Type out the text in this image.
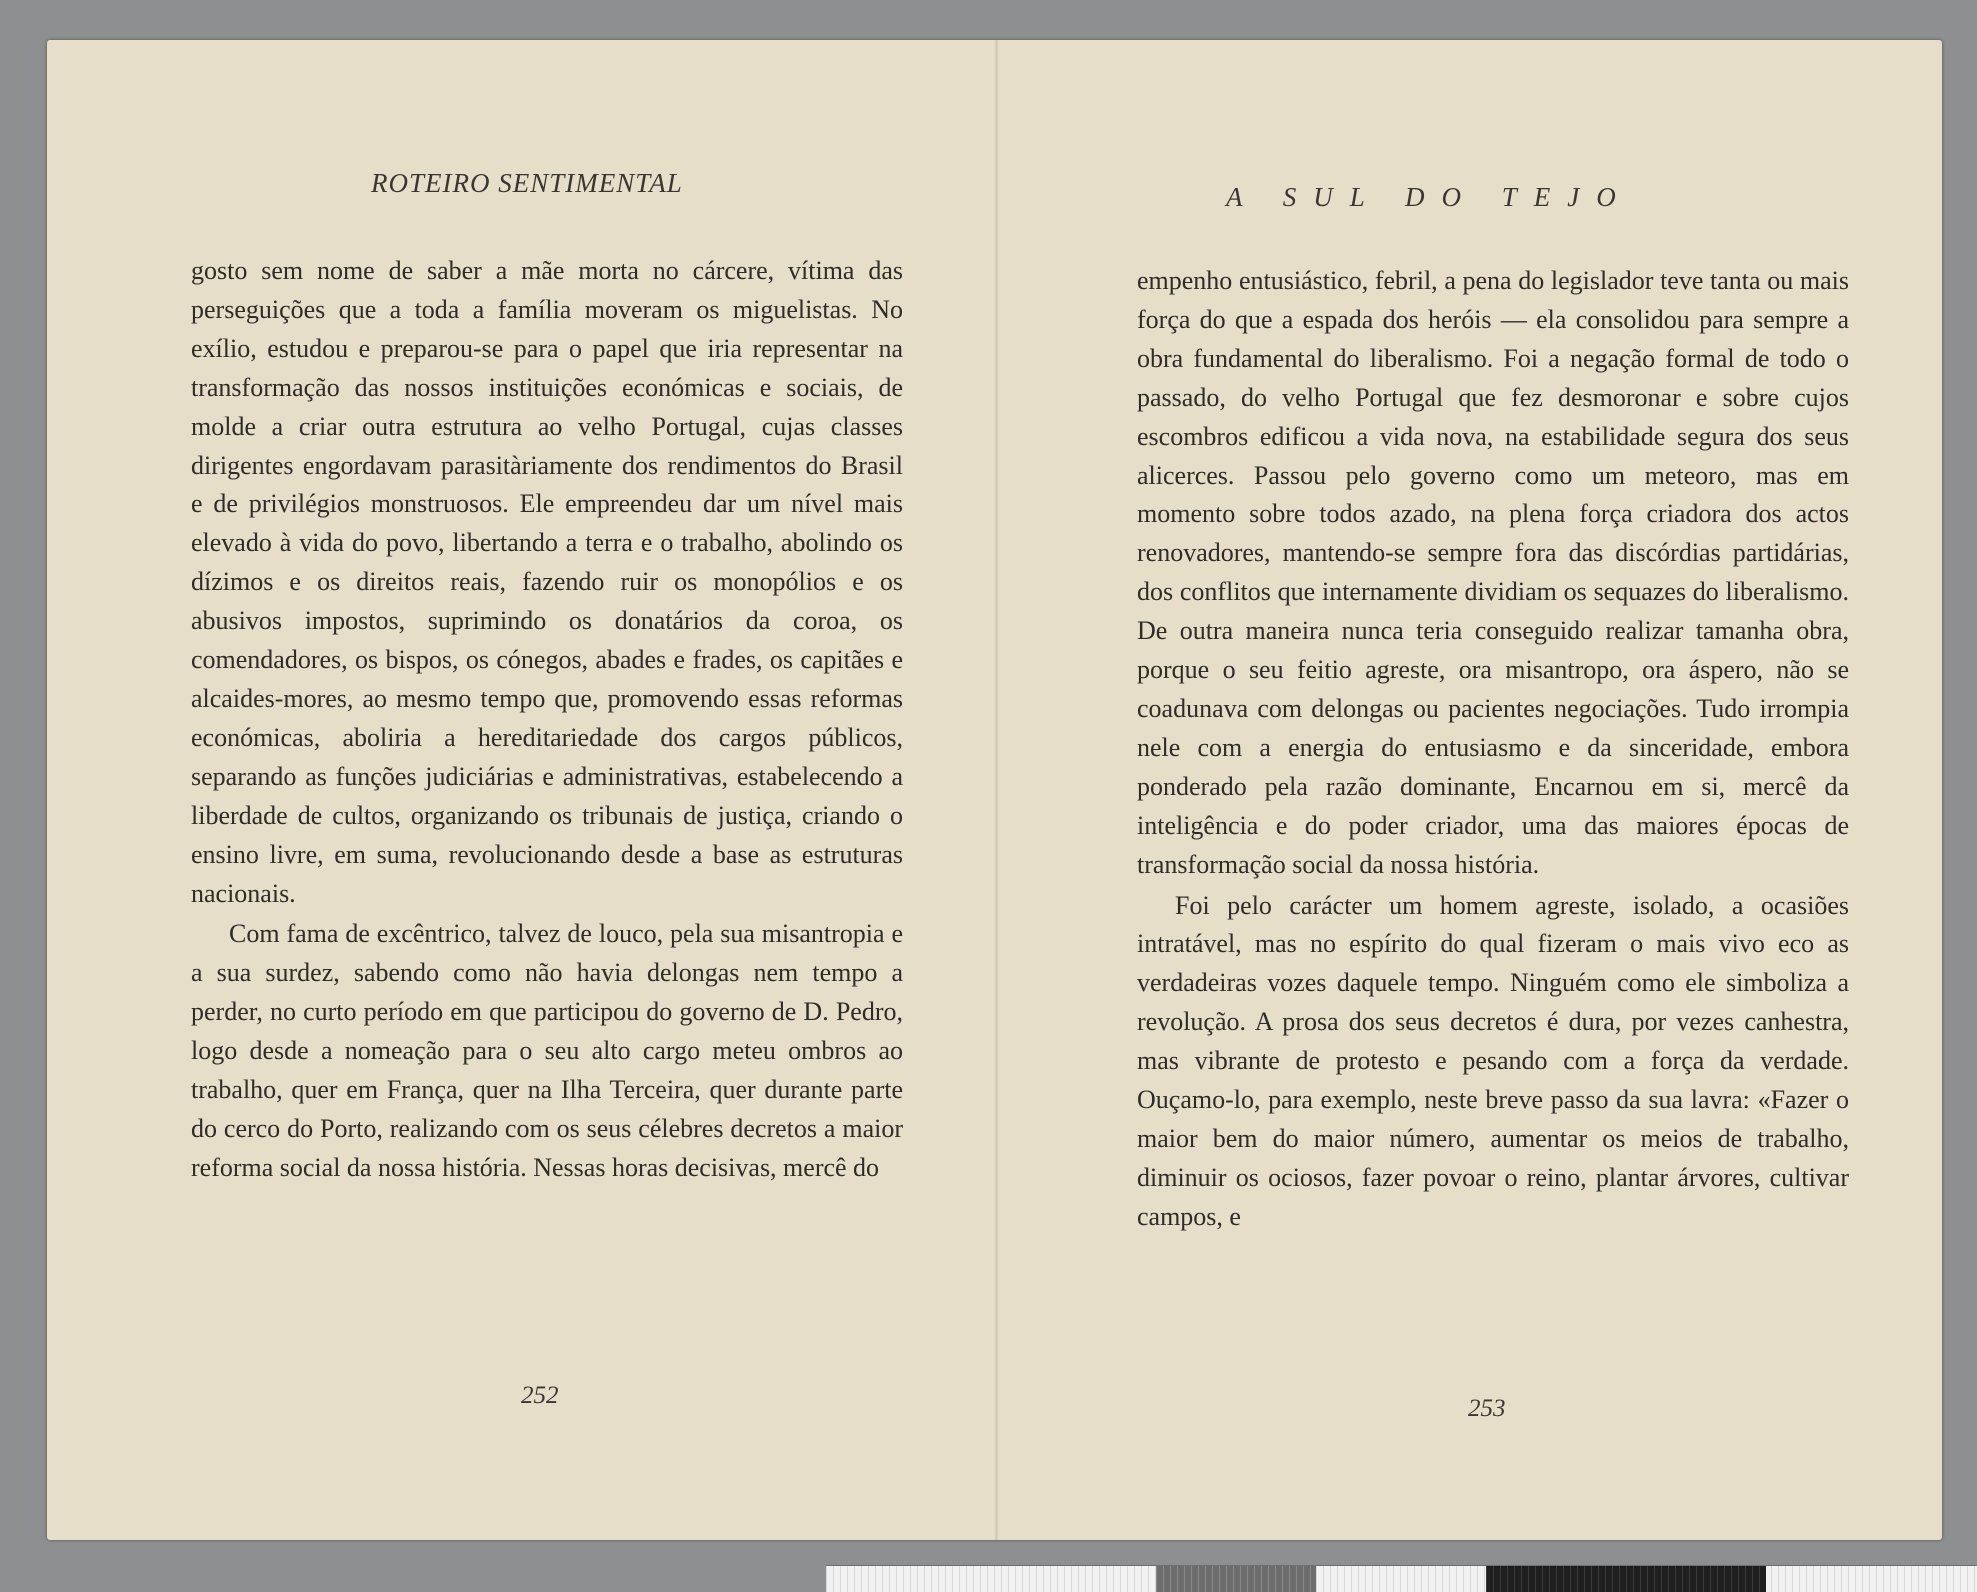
ROTEIRO SENTIMENTAL

gosto sem nome de saber a mãe morta no cárcere, vítima das perseguições que a toda a família moveram os miguelistas. No exílio, estudou e preparou-se para o papel que iria representar na transformação das nossos instituições económicas e sociais, de molde a criar outra estrutura ao velho Portugal, cujas classes dirigentes engordavam parasitàriamente dos rendimentos do Brasil e de privilégios monstruosos. Ele empreendeu dar um nível mais elevado à vida do povo, libertando a terra e o trabalho, abolindo os dízimos e os direitos reais, fazendo ruir os monopólios e os abusivos impostos, suprimindo os donatários da coroa, os comendadores, os bispos, os cónegos, abades e frades, os capitães e alcaides-mores, ao mesmo tempo que, promovendo essas reformas económicas, aboliria a hereditariedade dos cargos públicos, separando as funções judiciárias e administrativas, estabelecendo a liberdade de cultos, organizando os tribunais de justiça, criando o ensino livre, em suma, revolucionando desde a base as estruturas nacionais.

Com fama de excêntrico, talvez de louco, pela sua misantropia e a sua surdez, sabendo como não havia delongas nem tempo a perder, no curto período em que participou do governo de D. Pedro, logo desde a nomeação para o seu alto cargo meteu ombros ao trabalho, quer em França, quer na Ilha Terceira, quer durante parte do cerco do Porto, realizando com os seus célebres decretos a maior reforma social da nossa história. Nessas horas decisivas, mercê do

252
A SUL DO TEJO

empenho entusiástico, febril, a pena do legislador teve tanta ou mais força do que a espada dos heróis — ela consolidou para sempre a obra fundamental do liberalismo. Foi a negação formal de todo o passado, do velho Portugal que fez desmoronar e sobre cujos escombros edificou a vida nova, na estabilidade segura dos seus alicerces. Passou pelo governo como um meteoro, mas em momento sobre todos azado, na plena força criadora dos actos renovadores, mantendo-se sempre fora das discórdias partidárias, dos conflitos que internamente dividiam os sequazes do liberalismo. De outra maneira nunca teria conseguido realizar tamanha obra, porque o seu feitio agreste, ora misantropo, ora áspero, não se coadunava com delongas ou pacientes negociações. Tudo irrompia nele com a energia do entusiasmo e da sinceridade, embora ponderado pela razão dominante, Encarnou em si, mercê da inteligência e do poder criador, uma das maiores épocas de transformação social da nossa história.

Foi pelo carácter um homem agreste, isolado, a ocasiões intratável, mas no espírito do qual fizeram o mais vivo eco as verdadeiras vozes daquele tempo. Ninguém como ele simboliza a revolução. A prosa dos seus decretos é dura, por vezes canhestra, mas vibrante de protesto e pesando com a força da verdade. Ouçamo-lo, para exemplo, neste breve passo da sua lavra: «Fazer o maior bem do maior número, aumentar os meios de trabalho, diminuir os ociosos, fazer povoar o reino, plantar árvores, cultivar campos, e

253
